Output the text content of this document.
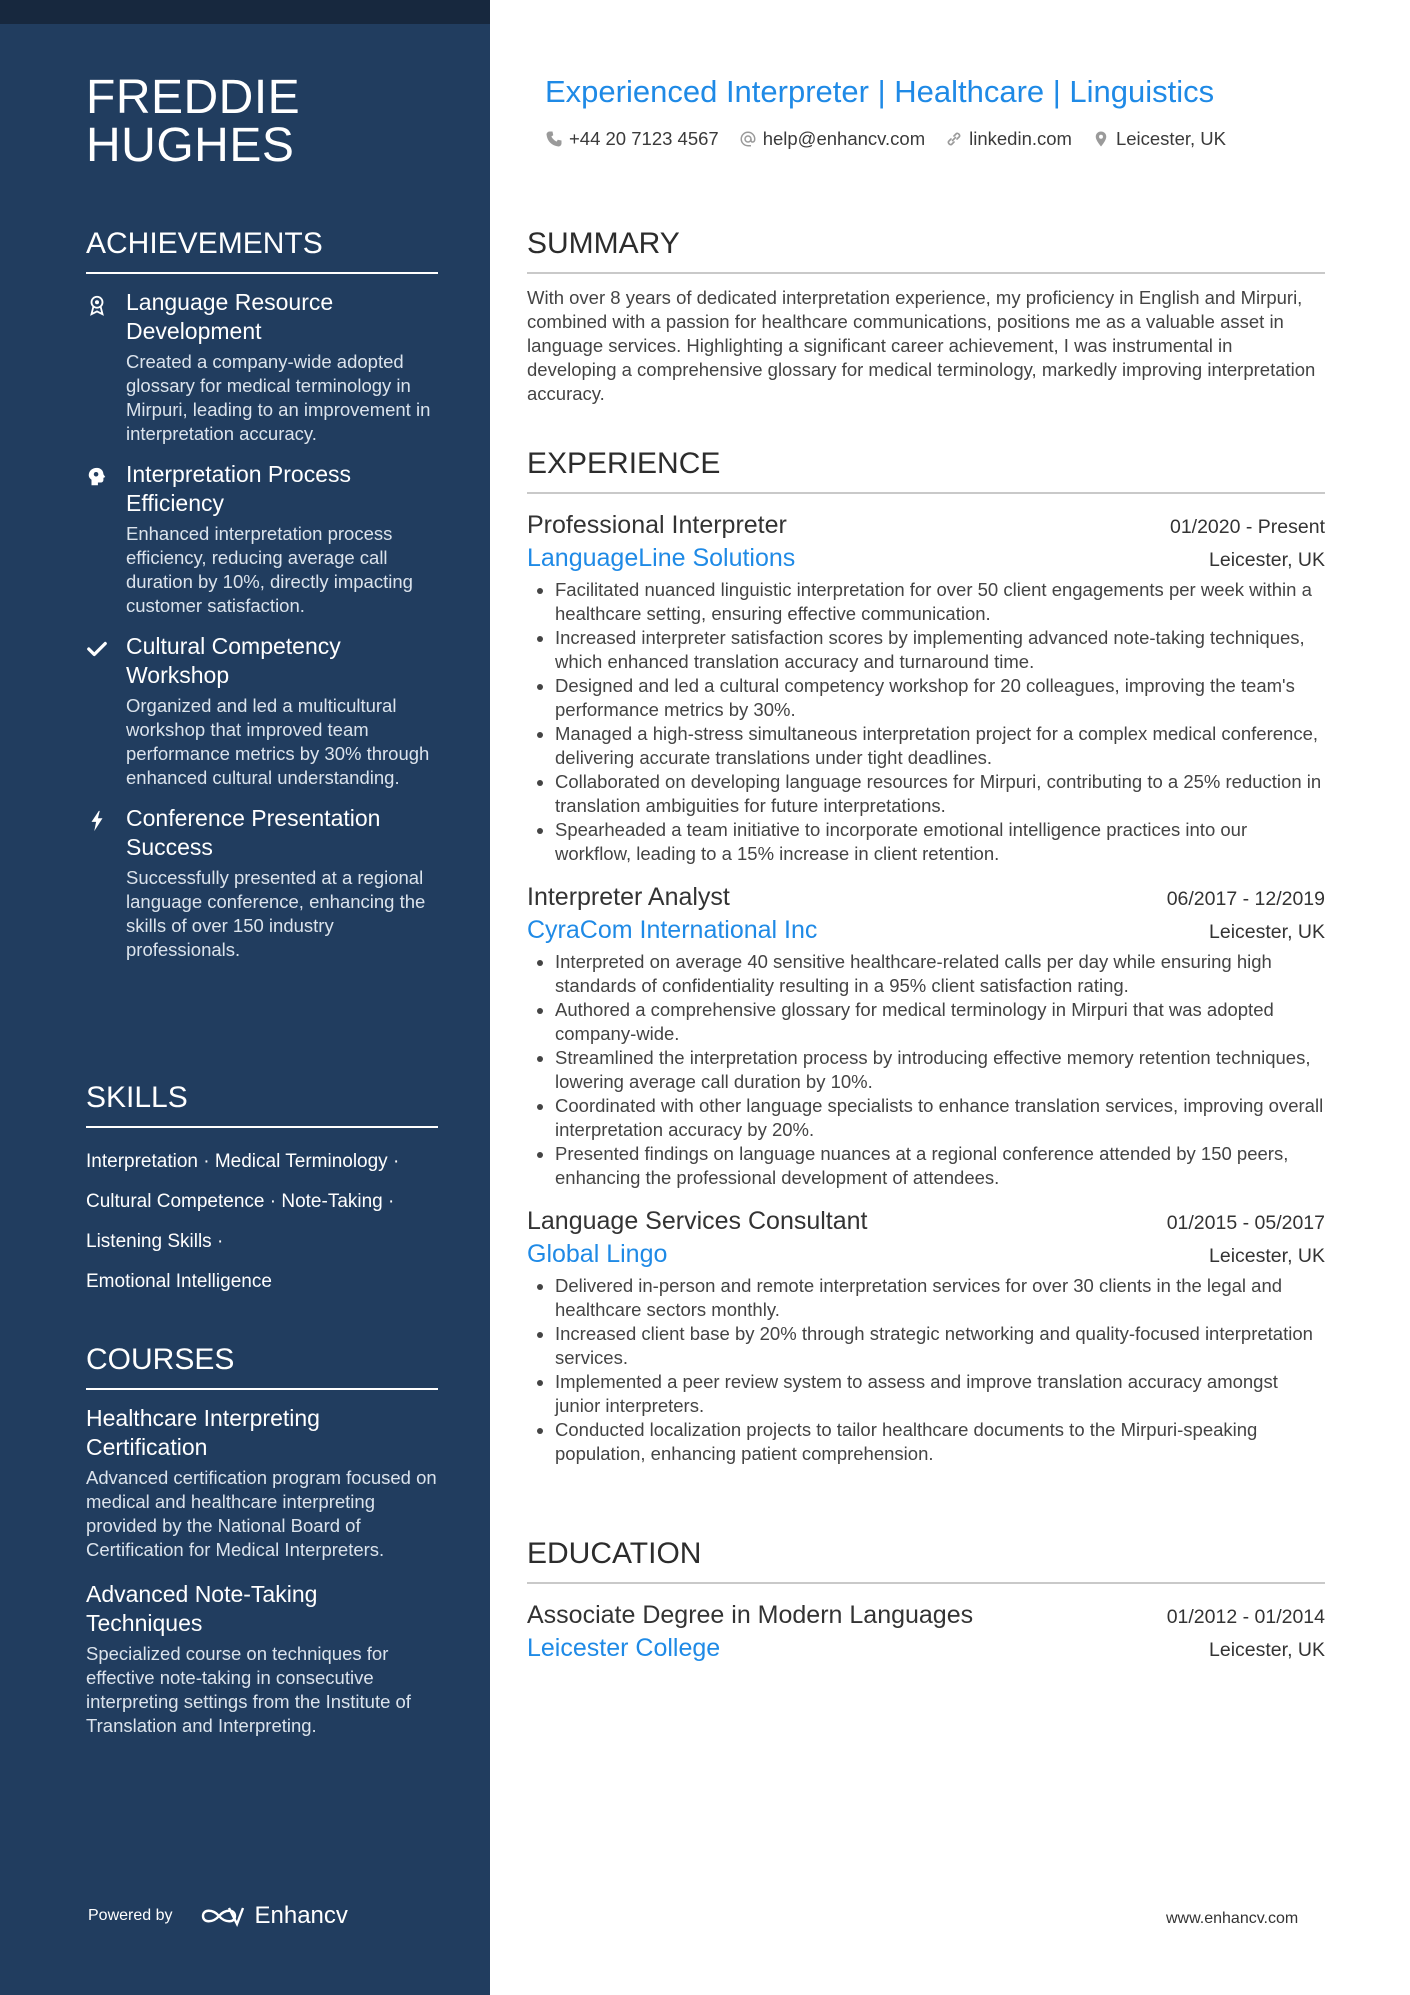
FREDDIE
HUGHES
ACHIEVEMENTS
Language Resource Development
Created a company-wide adopted glossary for medical terminology in Mirpuri, leading to an improvement in interpretation accuracy.
Interpretation Process Efficiency
Enhanced interpretation process efficiency, reducing average call duration by 10%, directly impacting customer satisfaction.
Cultural Competency Workshop
Organized and led a multicultural workshop that improved team performance metrics by 30% through enhanced cultural understanding.
Conference Presentation Success
Successfully presented at a regional language conference, enhancing the skills of over 150 industry professionals.
SKILLS
Interpretation · Medical Terminology ·
Cultural Competence · Note-Taking ·
Listening Skills ·
Emotional Intelligence
COURSES
Healthcare Interpreting Certification
Advanced certification program focused on medical and healthcare interpreting provided by the National Board of Certification for Medical Interpreters.
Advanced Note-Taking Techniques
Specialized course on techniques for effective note-taking in consecutive interpreting settings from the Institute of Translation and Interpreting.
Powered by	Enhancv
Experienced Interpreter | Healthcare | Linguistics
+44 20 7123 4567 help@enhancv.com linkedin.com Leicester, UK
SUMMARY
With over 8 years of dedicated interpretation experience, my proficiency in English and Mirpuri, combined with a passion for healthcare communications, positions me as a valuable asset in language services. Highlighting a significant career achievement, I was instrumental in developing a comprehensive glossary for medical terminology, markedly improving interpretation accuracy.
EXPERIENCE
Professional Interpreter	01/2020 - Present
LanguageLine Solutions	Leicester, UK
• Facilitated nuanced linguistic interpretation for over 50 client engagements per week within a healthcare setting, ensuring effective communication.
• Increased interpreter satisfaction scores by implementing advanced note-taking techniques, which enhanced translation accuracy and turnaround time.
• Designed and led a cultural competency workshop for 20 colleagues, improving the team's performance metrics by 30%.
• Managed a high-stress simultaneous interpretation project for a complex medical conference, delivering accurate translations under tight deadlines.
• Collaborated on developing language resources for Mirpuri, contributing to a 25% reduction in translation ambiguities for future interpretations.
• Spearheaded a team initiative to incorporate emotional intelligence practices into our workflow, leading to a 15% increase in client retention.
Interpreter Analyst	06/2017 - 12/2019
CyraCom International Inc	Leicester, UK
• Interpreted on average 40 sensitive healthcare-related calls per day while ensuring high standards of confidentiality resulting in a 95% client satisfaction rating.
• Authored a comprehensive glossary for medical terminology in Mirpuri that was adopted company-wide.
• Streamlined the interpretation process by introducing effective memory retention techniques, lowering average call duration by 10%.
• Coordinated with other language specialists to enhance translation services, improving overall interpretation accuracy by 20%.
• Presented findings on language nuances at a regional conference attended by 150 peers, enhancing the professional development of attendees.
Language Services Consultant	01/2015 - 05/2017
Global Lingo	Leicester, UK
• Delivered in-person and remote interpretation services for over 30 clients in the legal and healthcare sectors monthly.
• Increased client base by 20% through strategic networking and quality-focused interpretation services.
• Implemented a peer review system to assess and improve translation accuracy amongst junior interpreters.
• Conducted localization projects to tailor healthcare documents to the Mirpuri-speaking population, enhancing patient comprehension.
EDUCATION
Associate Degree in Modern Languages	01/2012 - 01/2014
Leicester College	Leicester, UK
www.enhancv.com
